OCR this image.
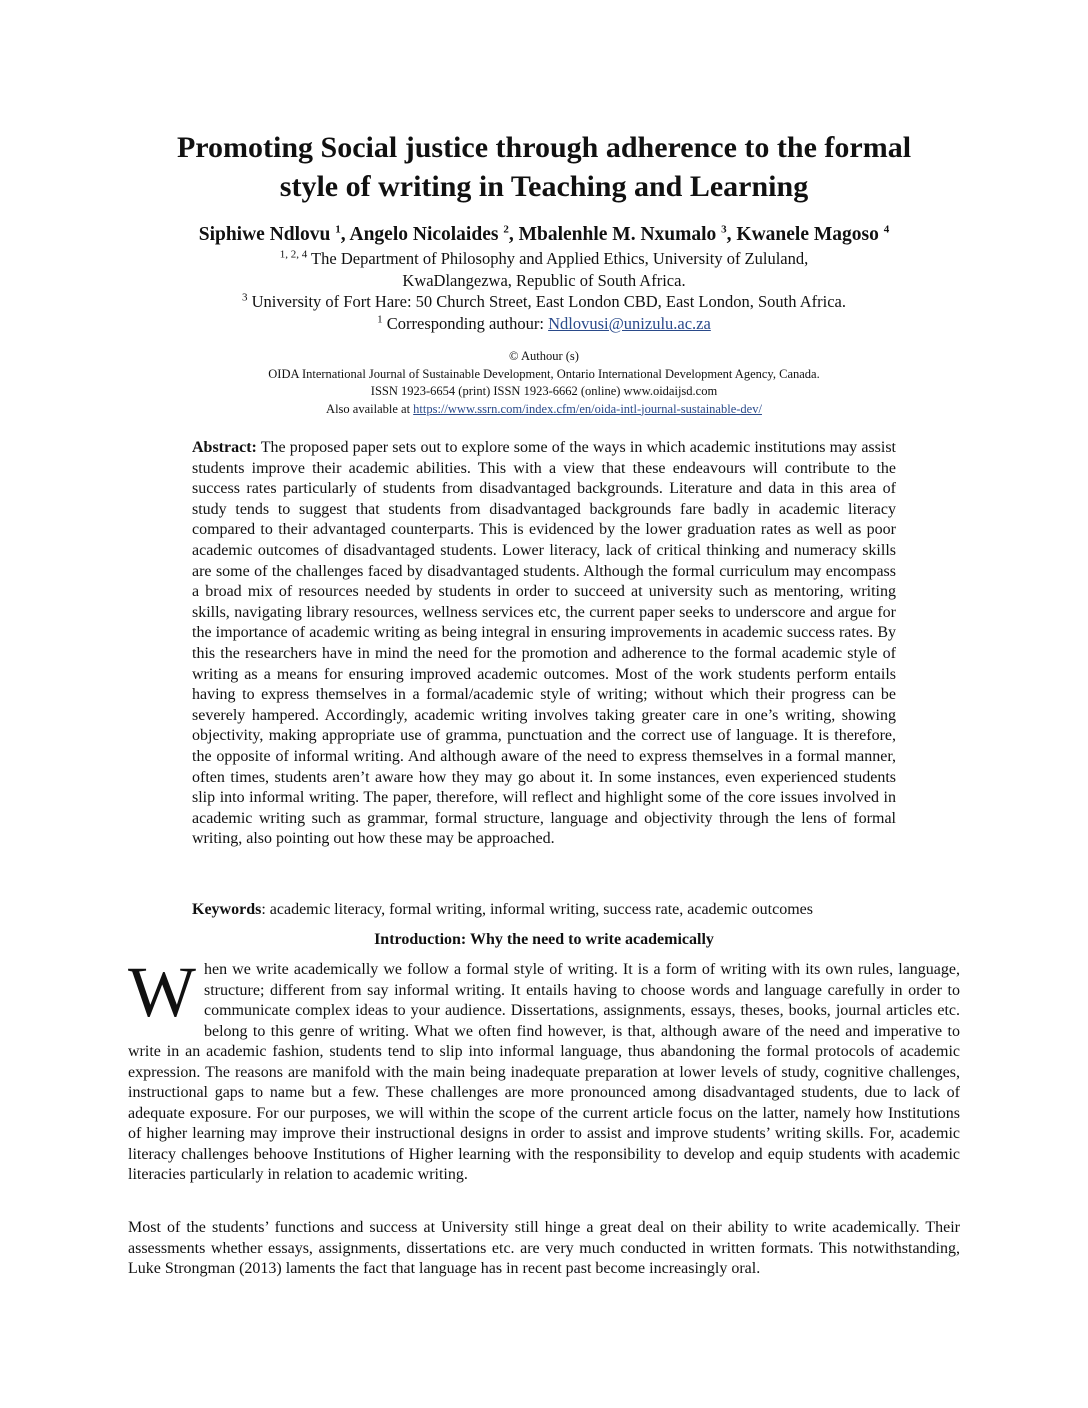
Promoting Social justice through adherence to the formal
style of writing in Teaching and Learning
Siphiwe Ndlovu $^1$, Angelo Nicolaides $^2$, Mbalenhle M. Nxumalo $^3$, Kwanele Magoso $^4$
$^{1, 2, 4}$ The Department of Philosophy and Applied Ethics, University of Zululand,
KwaDlangezwa, Republic of South Africa.
$^3$ University of Fort Hare: 50 Church Street, East London CBD, East London, South Africa.
$^1$ Corresponding authour: Ndlovusi@unizulu.ac.za
© Authour (s)
OIDA International Journal of Sustainable Development, Ontario International Development Agency, Canada.
ISSN 1923-6654 (print) ISSN 1923-6662 (online) www.oidaijsd.com
Also available at https://www.ssrn.com/index.cfm/en/oida-intl-journal-sustainable-dev/

Abstract: The proposed paper sets out to explore some of the ways in which academic institutions may assist students improve their academic abilities. This with a view that these endeavours will contribute to the success rates particularly of students from disadvantaged backgrounds. Literature and data in this area of study tends to suggest that students from disadvantaged backgrounds fare badly in academic literacy compared to their advantaged counterparts. This is evidenced by the lower graduation rates as well as poor academic outcomes of disadvantaged students. Lower literacy, lack of critical thinking and numeracy skills are some of the challenges faced by disadvantaged students. Although the formal curriculum may encompass a broad mix of resources needed by students in order to succeed at university such as mentoring, writing skills, navigating library resources, wellness services etc, the current paper seeks to underscore and argue for the importance of academic writing as being integral in ensuring improvements in academic success rates. By this the researchers have in mind the need for the promotion and adherence to the formal academic style of writing as a means for ensuring improved academic outcomes. Most of the work students perform entails having to express themselves in a formal/academic style of writing; without which their progress can be severely hampered. Accordingly, academic writing involves taking greater care in one’s writing, showing objectivity, making appropriate use of gramma, punctuation and the correct use of language. It is therefore, the opposite of informal writing. And although aware of the need to express themselves in a formal manner, often times, students aren’t aware how they may go about it. In some instances, even experienced students slip into informal writing. The paper, therefore, will reflect and highlight some of the core issues involved in academic writing such as grammar, formal structure, language and objectivity through the lens of formal writing, also pointing out how these may be approached.

Keywords: academic literacy, formal writing, informal writing, success rate, academic outcomes

Introduction: Why the need to write academically

When we write academically we follow a formal style of writing. It is a form of writing with its own rules, language, structure; different from say informal writing. It entails having to choose words and language carefully in order to communicate complex ideas to your audience. Dissertations, assignments, essays, theses, books, journal articles etc. belong to this genre of writing. What we often find however, is that, although aware of the need and imperative to write in an academic fashion, students tend to slip into informal language, thus abandoning the formal protocols of academic expression. The reasons are manifold with the main being inadequate preparation at lower levels of study, cognitive challenges, instructional gaps to name but a few. These challenges are more pronounced among disadvantaged students, due to lack of adequate exposure. For our purposes, we will within the scope of the current article focus on the latter, namely how Institutions of higher learning may improve their instructional designs in order to assist and improve students’ writing skills. For, academic literacy challenges behoove Institutions of Higher learning with the responsibility to develop and equip students with academic literacies particularly in relation to academic writing.

Most of the students’ functions and success at University still hinge a great deal on their ability to write academically. Their assessments whether essays, assignments, dissertations etc. are very much conducted in written formats. This notwithstanding, Luke Strongman (2013) laments the fact that language has in recent past become increasingly oral.
